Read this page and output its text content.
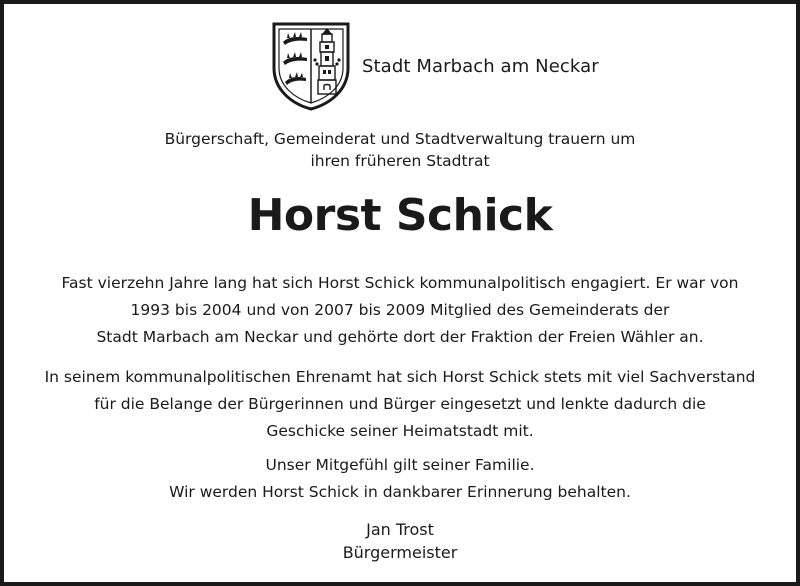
Stadt Marbach am Neckar
Bürgerschaft, Gemeinderat und Stadtverwaltung trauern um
ihren früheren Stadtrat
Horst Schick
Fast vierzehn Jahre lang hat sich Horst Schick kommunalpolitisch engagiert. Er war von
1993 bis 2004 und von 2007 bis 2009 Mitglied des Gemeinderats der
Stadt Marbach am Neckar und gehörte dort der Fraktion der Freien Wähler an.
In seinem kommunalpolitischen Ehrenamt hat sich Horst Schick stets mit viel Sachverstand
für die Belange der Bürgerinnen und Bürger eingesetzt und lenkte dadurch die
Geschicke seiner Heimatstadt mit.
Unser Mitgefühl gilt seiner Familie.
Wir werden Horst Schick in dankbarer Erinnerung behalten.
Jan Trost
Bürgermeister
